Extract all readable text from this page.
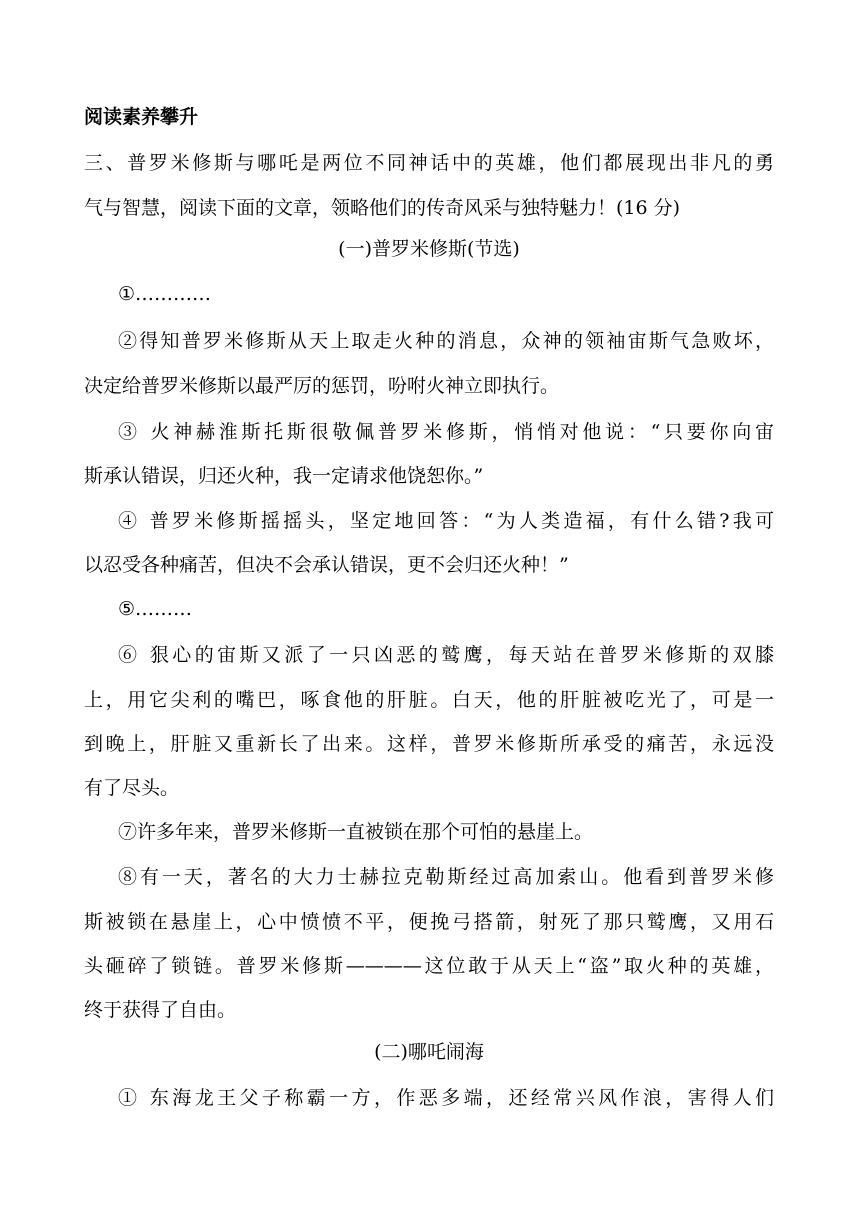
阅读素养攀升
三、普罗米修斯与哪吒是两位不同神话中的英雄，他们都展现出非凡的勇
气与智慧，阅读下面的文章，领略他们的传奇风采与独特魅力！(16 分)
(一)普罗米修斯(节选)
①…………
②得知普罗米修斯从天上取走火种的消息，众神的领袖宙斯气急败坏，
决定给普罗米修斯以最严厉的惩罚，吩咐火神立即执行。
③ 火神赫淮斯托斯很敬佩普罗米修斯，悄悄对他说：“只要你向宙
斯承认错误，归还火种，我一定请求他饶恕你。”
④ 普罗米修斯摇摇头，坚定地回答：“为人类造福，有什么错?我可
以忍受各种痛苦，但决不会承认错误，更不会归还火种！”
⑤………
⑥ 狠心的宙斯又派了一只凶恶的鹫鹰，每天站在普罗米修斯的双膝
上，用它尖利的嘴巴，啄食他的肝脏。白天，他的肝脏被吃光了，可是一
到晚上，肝脏又重新长了出来。这样，普罗米修斯所承受的痛苦，永远没
有了尽头。
⑦许多年来，普罗米修斯一直被锁在那个可怕的悬崖上。
⑧有一天，著名的大力士赫拉克勒斯经过高加索山。他看到普罗米修
斯被锁在悬崖上，心中愤愤不平，便挽弓搭箭，射死了那只鹫鹰，又用石
头砸碎了锁链。普罗米修斯————这位敢于从天上“盗”取火种的英雄，
终于获得了自由。
(二)哪吒闹海
① 东海龙王父子称霸一方，作恶多端，还经常兴风作浪，害得人们
